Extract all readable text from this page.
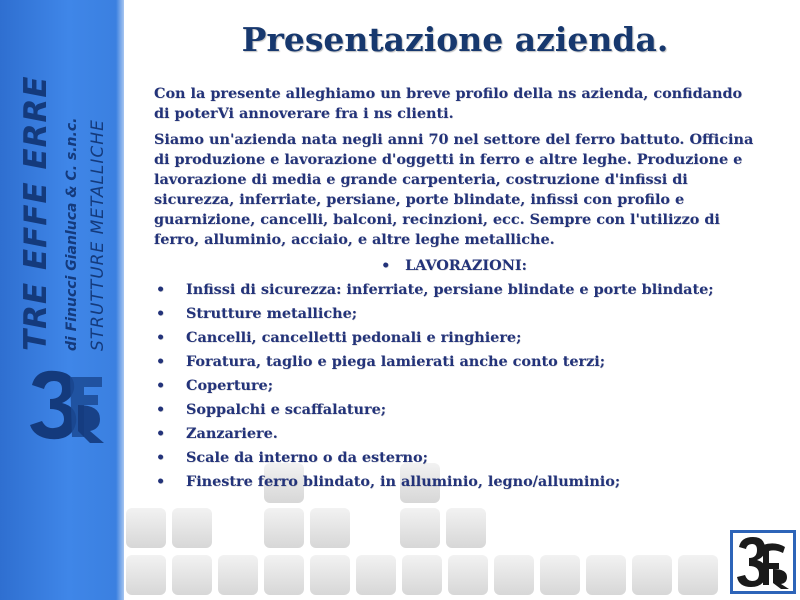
TRE EFFE ERRE di Finucci Gianluca & C. s.n.c. STRUTTURE METALLICHE
Presentazione azienda.

Con la presente alleghiamo un breve profilo della ns azienda, confidando di poterVi annoverare fra i ns clienti.

Siamo un'azienda nata negli anni 70 nel settore del ferro battuto. Officina di produzione e lavorazione d'oggetti in ferro e altre leghe. Produzione e lavorazione di media e grande carpenteria, costruzione d'infissi di sicurezza, inferriate, persiane, porte blindate, infissi con profilo e guarnizione, cancelli, balconi, recinzioni, ecc. Sempre con l'utilizzo di ferro, alluminio, acciaio, e altre leghe metalliche.

• LAVORAZIONI:
•	Infissi di sicurezza: inferriate, persiane blindate e porte blindate;
•	Strutture metalliche;
•	Cancelli, cancelletti pedonali e ringhiere;
•	Foratura, taglio e piega lamierati anche conto terzi;
•	Coperture;
•	Soppalchi e scaffalature;
•	Zanzariere.
•	Scale da interno o da esterno;
•	Finestre ferro blindato, in alluminio, legno/alluminio;
